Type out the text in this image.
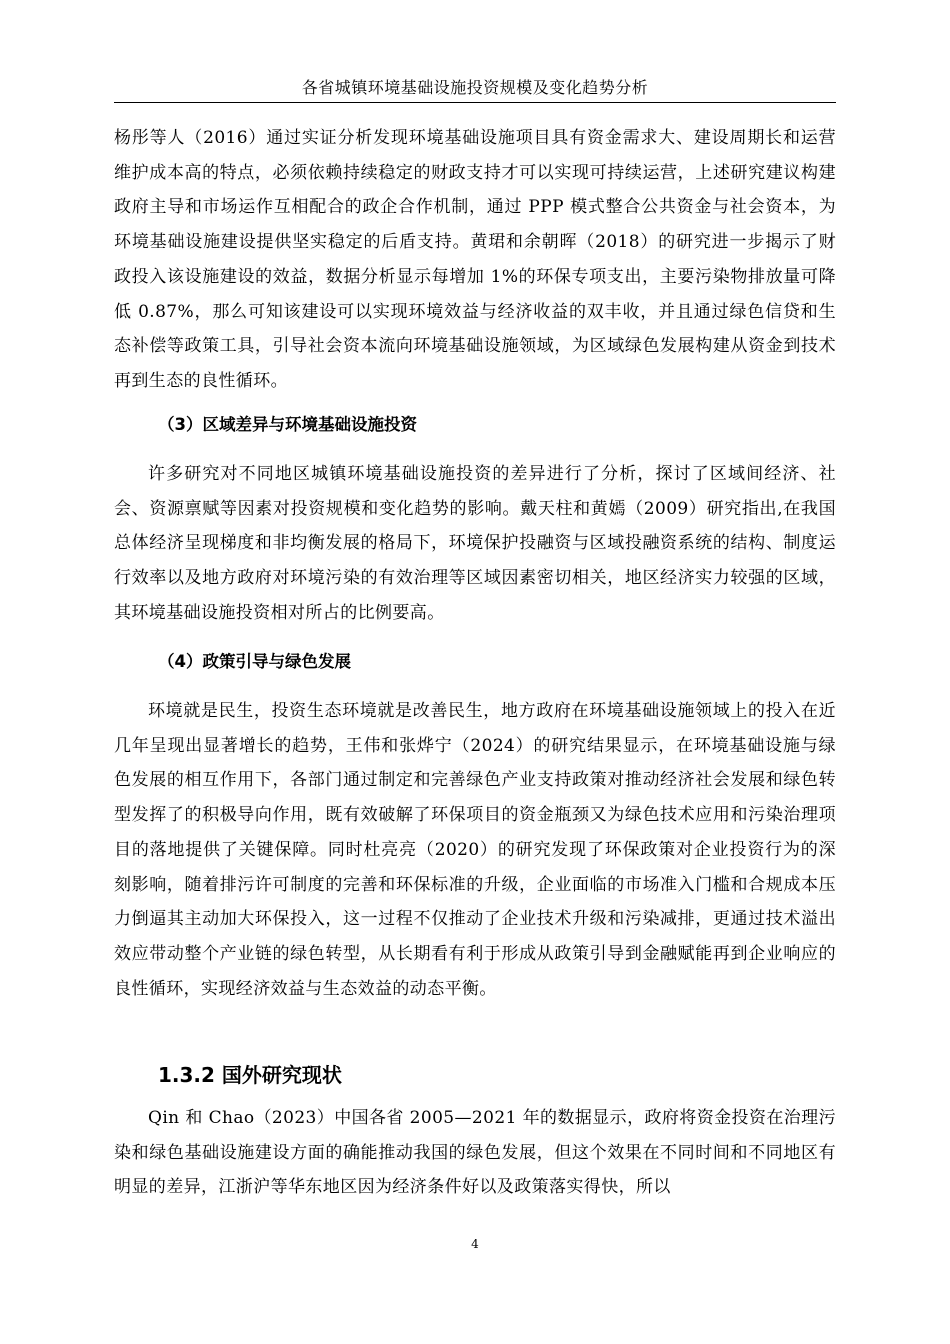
各省城镇环境基础设施投资规模及变化趋势分析
杨彤等人（2016）通过实证分析发现环境基础设施项目具有资金需求大、建设周期长和运营维护成本高的特点，必须依赖持续稳定的财政支持才可以实现可持续运营，上述研究建议构建政府主导和市场运作互相配合的政企合作机制，通过 PPP 模式整合公共资金与社会资本，为环境基础设施建设提供坚实稳定的后盾支持。黄珺和余朝晖（2018）的研究进一步揭示了财政投入该设施建设的效益，数据分析显示每增加 1%的环保专项支出，主要污染物排放量可降低 0.87%，那么可知该建设可以实现环境效益与经济收益的双丰收，并且通过绿色信贷和生态补偿等政策工具，引导社会资本流向环境基础设施领域，为区域绿色发展构建从资金到技术再到生态的良性循环。
（3）区域差异与环境基础设施投资
许多研究对不同地区城镇环境基础设施投资的差异进行了分析，探讨了区域间经济、社会、资源禀赋等因素对投资规模和变化趋势的影响。戴天柱和黄嫣（2009）研究指出,在我国总体经济呈现梯度和非均衡发展的格局下，环境保护投融资与区域投融资系统的结构、制度运行效率以及地方政府对环境污染的有效治理等区域因素密切相关，地区经济实力较强的区域，其环境基础设施投资相对所占的比例要高。
（4）政策引导与绿色发展
环境就是民生，投资生态环境就是改善民生，地方政府在环境基础设施领域上的投入在近几年呈现出显著增长的趋势，王伟和张烨宁（2024）的研究结果显示，在环境基础设施与绿色发展的相互作用下，各部门通过制定和完善绿色产业支持政策对推动经济社会发展和绿色转型发挥了的积极导向作用，既有效破解了环保项目的资金瓶颈又为绿色技术应用和污染治理项目的落地提供了关键保障。同时杜亮亮（2020）的研究发现了环保政策对企业投资行为的深刻影响，随着排污许可制度的完善和环保标准的升级，企业面临的市场准入门槛和合规成本压力倒逼其主动加大环保投入，这一过程不仅推动了企业技术升级和污染减排，更通过技术溢出效应带动整个产业链的绿色转型，从长期看有利于形成从政策引导到金融赋能再到企业响应的良性循环，实现经济效益与生态效益的动态平衡。
1.3.2 国外研究现状
Qin 和 Chao（2023）中国各省 2005—2021 年的数据显示，政府将资金投资在治理污染和绿色基础设施建设方面的确能推动我国的绿色发展，但这个效果在不同时间和不同地区有明显的差异，江浙沪等华东地区因为经济条件好以及政策落实得快，所以
4
